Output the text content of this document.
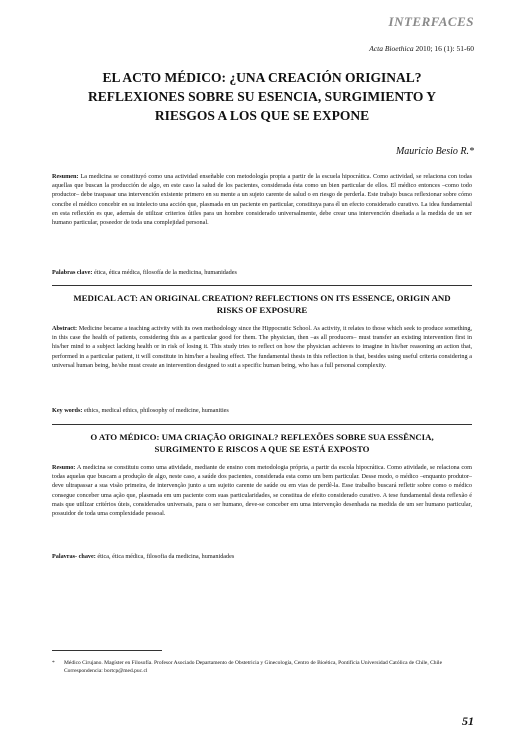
INTERFACES
Acta Bioethica 2010; 16 (1): 51-60
EL ACTO MÉDICO: ¿UNA CREACIÓN ORIGINAL?
REFLEXIONES SOBRE SU ESENCIA, SURGIMIENTO Y
RIESGOS A LOS QUE SE EXPONE
Mauricio Besio R.*
Resumen: La medicina se constituyó como una actividad enseñable con metodología propia a partir de la escuela hipocrática. Como actividad, se relaciona con todas aquellas que buscan la producción de algo, en este caso la salud de los pacientes, considerada ésta como un bien particular de ellos. El médico entonces –como todo productor– debe traspasar una intervención existente primero en su mente a un sujeto carente de salud o en riesgo de perderla. Este trabajo busca reflexionar sobre cómo concibe el médico concebir en su intelecto una acción que, plasmada en un paciente en particular, constituya para él un efecto considerado curativo. La idea fundamental en esta reflexión es que, además de utilizar criterios útiles para un hombre considerado universalmente, debe crear una intervención diseñada a la medida de un ser humano particular, poseedor de toda una complejidad personal.
Palabras clave: ética, ética médica, filosofía de la medicina, humanidades
MEDICAL ACT: AN ORIGINAL CREATION? REFLECTIONS ON ITS ESSENCE, ORIGIN AND
RISKS OF EXPOSURE
Abstract: Medicine became a teaching activity with its own methodology since the Hippocratic School. As activity, it relates to those which seek to produce something, in this case the health of patients, considering this as a particular good for them. The physician, then –as all producers– must transfer an existing intervention first in his/her mind to a subject lacking health or in risk of losing it. This study tries to reflect on how the physician achieves to imagine in his/her reasoning an action that, performed in a particular patient, it will constitute in him/her a healing effect. The fundamental thesis in this reflection is that, besides using useful criteria considering a universal human being, he/she must create an intervention designed to suit a specific human being, who has a full personal complexity.
Key words: ethics, medical ethics, philosophy of medicine, humanities
O ATO MÉDICO: UMA CRIAÇÃO ORIGINAL? REFLEXÕES SOBRE SUA ESSÊNCIA,
SURGIMENTO E RISCOS A QUE SE ESTÁ EXPOSTO
Resumo: A medicina se constituiu como uma atividade, mediante de ensino com metodologia própria, a partir da escola hipocrática. Como atividade, se relaciona com todas aquelas que buscam a produção de algo, neste caso, a saúde dos pacientes, considerada esta como um bem particular. Desse modo, o médico –enquanto produtor– deve ultrapassar a sua visão primeira, de intervenção junto a um sujeito carente de saúde ou em vias de perdê-la. Esse trabalho buscará refletir sobre como o médico consegue conceber uma ação que, plasmada em um paciente com suas particularidades, se constitua de efeito considerado curativo. A tese fundamental desta reflexão é mais que utilizar critérios úteis, considerados universais, para o ser humano, deve-se conceber em uma intervenção desenhada na medida de um ser humano particular, possuidor de toda uma complexidade pessoal.
Palavras- chave: ética, ética médica, filosofia da medicina, humanidades
* Médico Cirujano. Magíster en Filosofía. Profesor Asociado Departamento de Obstetricia y Ginecología, Centro de Bioética, Pontificia Universidad Católica de Chile, Chile
Correspondencia: bortcp@med.puc.cl
51
